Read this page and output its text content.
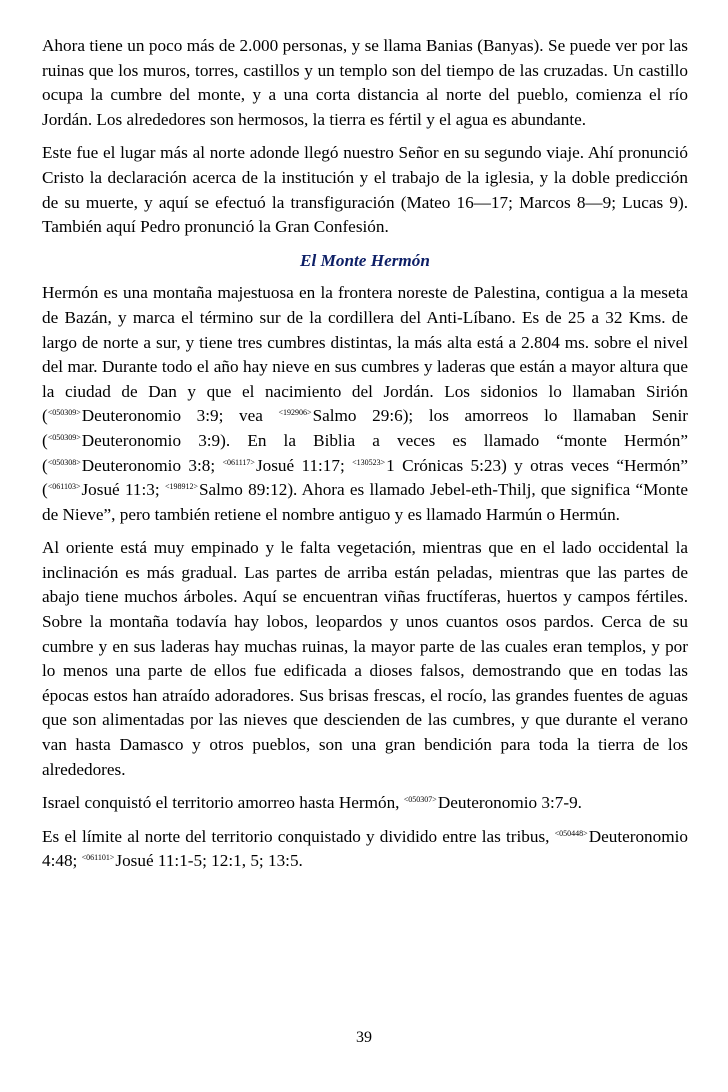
Ahora tiene un poco más de 2.000 personas, y se llama Banias (Banyas). Se puede ver por las ruinas que los muros, torres, castillos y un templo son del tiempo de las cruzadas. Un castillo ocupa la cumbre del monte, y a una corta distancia al norte del pueblo, comienza el río Jordán. Los alrededores son hermosos, la tierra es fértil y el agua es abundante.

Este fue el lugar más al norte adonde llegó nuestro Señor en su segundo viaje. Ahí pronunció Cristo la declaración acerca de la institución y el trabajo de la iglesia, y la doble predicción de su muerte, y aquí se efectuó la transfiguración (Mateo 16—17; Marcos 8—9; Lucas 9). También aquí Pedro pronunció la Gran Confesión.

El Monte Hermón

Hermón es una montaña majestuosa en la frontera noreste de Palestina, contigua a la meseta de Bazán, y marca el término sur de la cordillera del Anti-Líbano. Es de 25 a 32 Kms. de largo de norte a sur, y tiene tres cumbres distintas, la más alta está a 2.804 ms. sobre el nivel del mar. Durante todo el año hay nieve en sus cumbres y laderas que están a mayor altura que la ciudad de Dan y que el nacimiento del Jordán. Los sidonios lo llamaban Sirión ($^{<050309>}$Deuteronomio 3:9; vea $^{<192906>}$Salmo 29:6); los amorreos lo llamaban Senir ($^{<050309>}$Deuteronomio 3:9). En la Biblia a veces es llamado “monte Hermón” ($^{<050308>}$Deuteronomio 3:8; $^{<061117>}$Josué 11:17; $^{<130523>}$1 Crónicas 5:23) y otras veces “Hermón” ($^{<061103>}$Josué 11:3; $^{<198912>}$Salmo 89:12). Ahora es llamado Jebel-eth-Thilj, que significa “Monte de Nieve”, pero también retiene el nombre antiguo y es llamado Harmún o Hermún.

Al oriente está muy empinado y le falta vegetación, mientras que en el lado occidental la inclinación es más gradual. Las partes de arriba están peladas, mientras que las partes de abajo tiene muchos árboles. Aquí se encuentran viñas fructíferas, huertos y campos fértiles. Sobre la montaña todavía hay lobos, leopardos y unos cuantos osos pardos. Cerca de su cumbre y en sus laderas hay muchas ruinas, la mayor parte de las cuales eran templos, y por lo menos una parte de ellos fue edificada a dioses falsos, demostrando que en todas las épocas estos han atraído adoradores. Sus brisas frescas, el rocío, las grandes fuentes de aguas que son alimentadas por las nieves que descienden de las cumbres, y que durante el verano van hasta Damasco y otros pueblos, son una gran bendición para toda la tierra de los alrededores.

Israel conquistó el territorio amorreo hasta Hermón, $^{<050307>}$Deuteronomio 3:7-9.

Es el límite al norte del territorio conquistado y dividido entre las tribus, $^{<050448>}$Deuteronomio 4:48; $^{<061101>}$Josué 11:1-5; 12:1, 5; 13:5.

39
